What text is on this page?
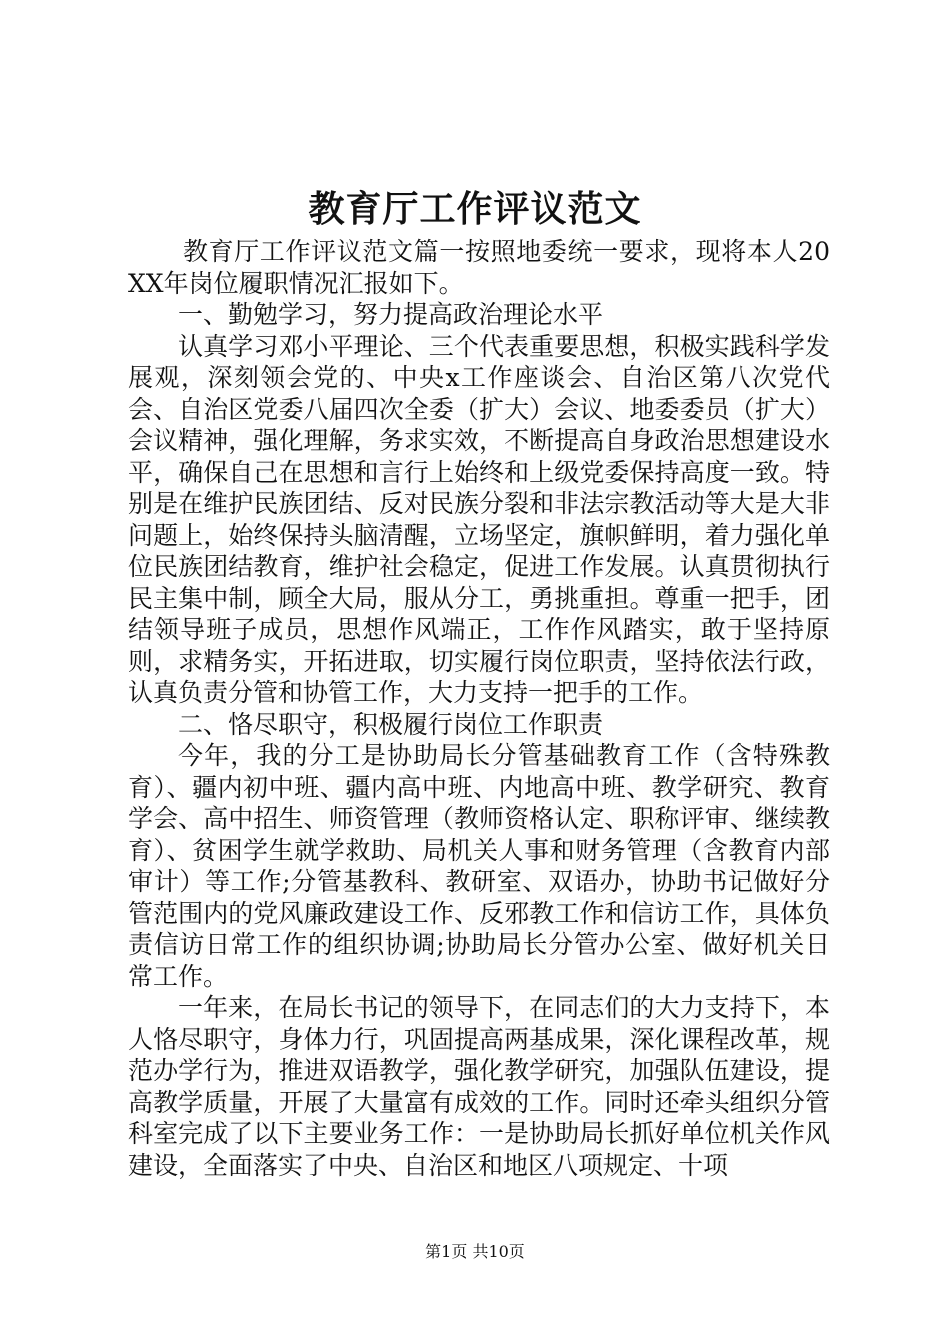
教育厅工作评议范文

教育厅工作评议范文篇一按照地委统一要求，现将本人20XX年岗位履职情况汇报如下。

一、勤勉学习，努力提高政治理论水平

认真学习邓小平理论、三个代表重要思想，积极实践科学发展观，深刻领会党的、中央x工作座谈会、自治区第八次党代会、自治区党委八届四次全委（扩大）会议、地委委员（扩大）会议精神，强化理解，务求实效，不断提高自身政治思想建设水平，确保自己在思想和言行上始终和上级党委保持高度一致。特别是在维护民族团结、反对民族分裂和非法宗教活动等大是大非问题上，始终保持头脑清醒，立场坚定，旗帜鲜明，着力强化单位民族团结教育，维护社会稳定，促进工作发展。认真贯彻执行民主集中制，顾全大局，服从分工，勇挑重担。尊重一把手，团结领导班子成员，思想作风端正，工作作风踏实，敢于坚持原则，求精务实，开拓进取，切实履行岗位职责，坚持依法行政，认真负责分管和协管工作，大力支持一把手的工作。

二、恪尽职守，积极履行岗位工作职责

今年，我的分工是协助局长分管基础教育工作（含特殊教育）、疆内初中班、疆内高中班、内地高中班、教学研究、教育学会、高中招生、师资管理（教师资格认定、职称评审、继续教育）、贫困学生就学救助、局机关人事和财务管理（含教育内部审计）等工作;分管基教科、教研室、双语办，协助书记做好分管范围内的党风廉政建设工作、反邪教工作和信访工作，具体负责信访日常工作的组织协调;协助局长分管办公室、做好机关日常工作。

一年来，在局长书记的领导下，在同志们的大力支持下，本人恪尽职守，身体力行，巩固提高两基成果，深化课程改革，规范办学行为，推进双语教学，强化教学研究，加强队伍建设，提高教学质量，开展了大量富有成效的工作。同时还牵头组织分管科室完成了以下主要业务工作：一是协助局长抓好单位机关作风建设，全面落实了中央、自治区和地区八项规定、十项

第1页 共10页
